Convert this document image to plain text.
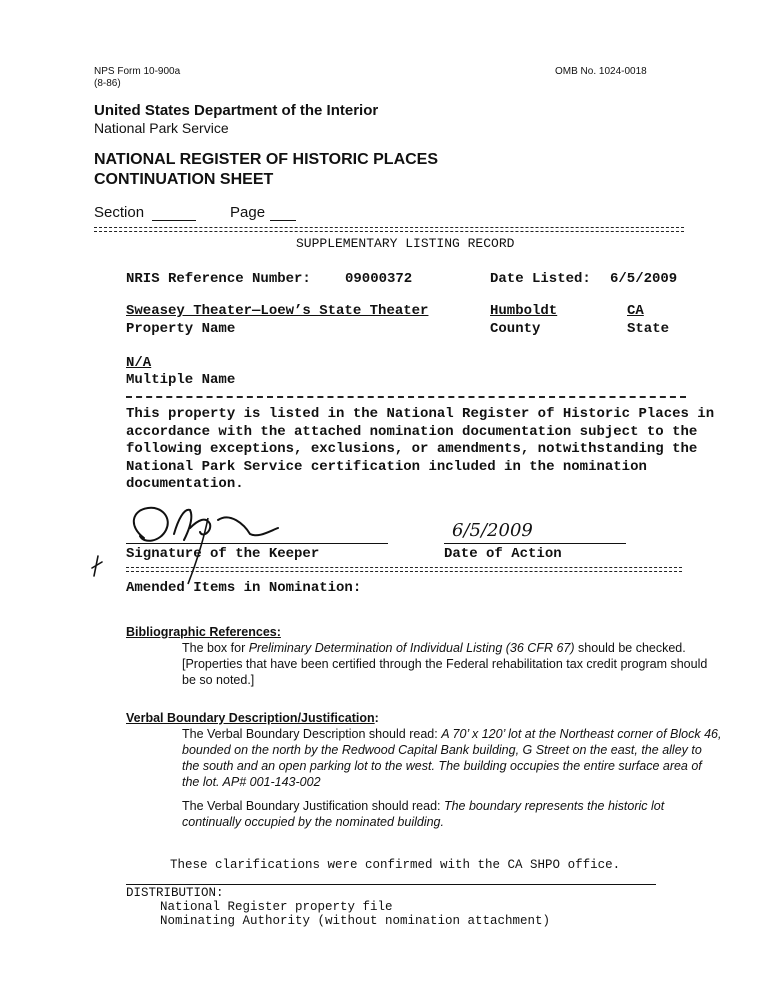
NPS Form 10-900a
(8-86)
OMB No. 1024-0018
United States Department of the Interior
National Park Service
NATIONAL REGISTER OF HISTORIC PLACES
CONTINUATION SHEET
Section	Page
SUPPLEMENTARY LISTING RECORD
NRIS Reference Number: 09000372	Date Listed: 6/5/2009
Sweasey Theater—Loew’s State Theater
Property Name
Humboldt
County
CA
State
N/A
Multiple Name
This property is listed in the National Register of Historic Places in accordance with the attached nomination documentation subject to the following exceptions, exclusions, or amendments, notwithstanding the National Park Service certification included in the nomination documentation.
Signature of the Keeper
6/5/2009
Date of Action
Amended Items in Nomination:
Bibliographic References:
The box for Preliminary Determination of Individual Listing (36 CFR 67) should be checked.
[Properties that have been certified through the Federal rehabilitation tax credit program should be so noted.]
Verbal Boundary Description/Justification:
The Verbal Boundary Description should read: A 70’ x 120’ lot at the Northeast corner of Block 46, bounded on the north by the Redwood Capital Bank building, G Street on the east, the alley to the south and an open parking lot to the west. The building occupies the entire surface area of the lot. AP# 001-143-002
The Verbal Boundary Justification should read: The boundary represents the historic lot continually occupied by the nominated building.
These clarifications were confirmed with the CA SHPO office.
DISTRIBUTION:
National Register property file
Nominating Authority (without nomination attachment)
